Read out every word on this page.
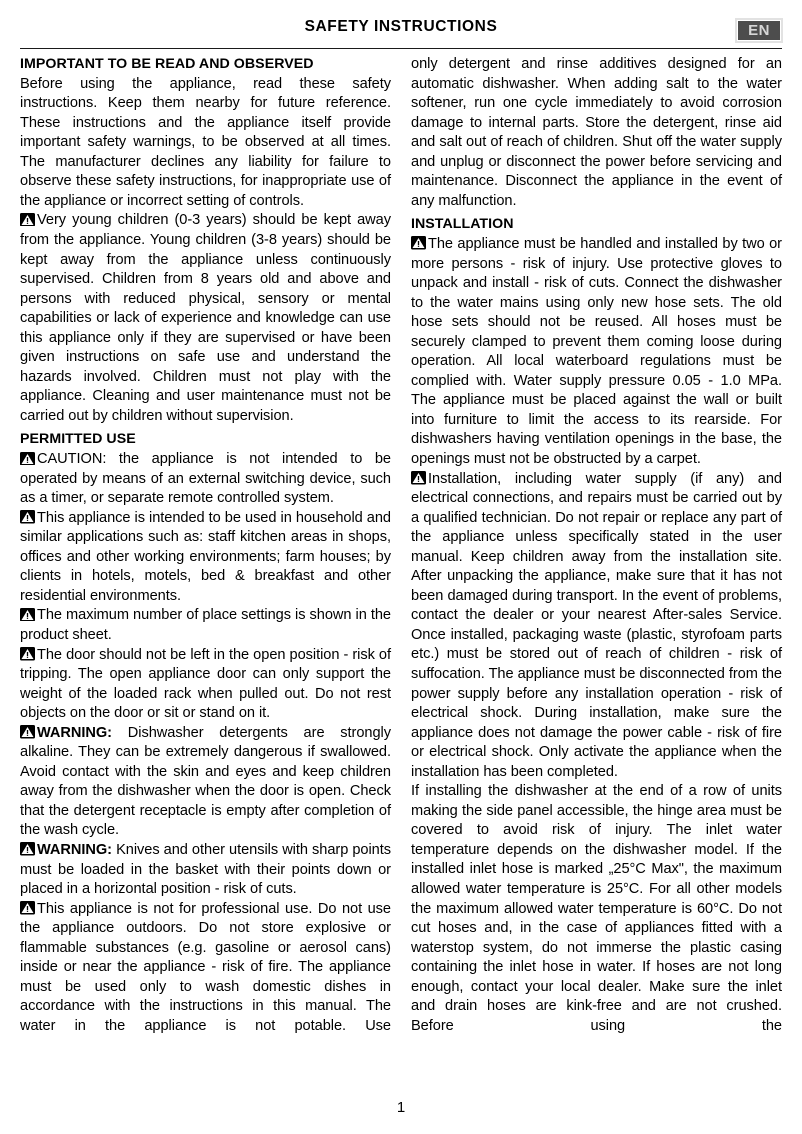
SAFETY INSTRUCTIONS	EN
IMPORTANT TO BE READ AND OBSERVED

Before using the appliance, read these safety instructions. Keep them nearby for future reference. These instructions and the appliance itself provide important safety warnings, to be observed at all times. The manufacturer declines any liability for failure to observe these safety instructions, for inappropriate use of the appliance or incorrect setting of controls.

Very young children (0-3 years) should be kept away from the appliance. Young children (3-8 years) should be kept away from the appliance unless continuously supervised. Children from 8 years old and above and persons with reduced physical, sensory or mental capabilities or lack of experience and knowledge can use this appliance only if they are supervised or have been given instructions on safe use and understand the hazards involved. Children must not play with the appliance. Cleaning and user maintenance must not be carried out by children without supervision.

PERMITTED USE

CAUTION: the appliance is not intended to be operated by means of an external switching device, such as a timer, or separate remote controlled system.

This appliance is intended to be used in household and similar applications such as: staff kitchen areas in shops, offices and other working environments; farm houses; by clients in hotels, motels, bed & breakfast and other residential environments.

The maximum number of place settings is shown in the product sheet.

The door should not be left in the open position - risk of tripping. The open appliance door can only support the weight of the loaded rack when pulled out. Do not rest objects on the door or sit or stand on it.

WARNING: Dishwasher detergents are strongly alkaline. They can be extremely dangerous if swallowed. Avoid contact with the skin and eyes and keep children away from the dishwasher when the door is open. Check that the detergent receptacle is empty after completion of the wash cycle.

WARNING: Knives and other utensils with sharp points must be loaded in the basket with their points down or placed in a horizontal position - risk of cuts.

This appliance is not for professional use. Do not use the appliance outdoors. Do not store explosive or flammable substances (e.g. gasoline or aerosol cans) inside or near the appliance - risk of fire. The appliance must be used only to wash domestic dishes in accordance with the instructions in this manual. The water in the appliance is not potable. Use

only detergent and rinse additives designed for an automatic dishwasher. When adding salt to the water softener, run one cycle immediately to avoid corrosion damage to internal parts. Store the detergent, rinse aid and salt out of reach of children. Shut off the water supply and unplug or disconnect the power before servicing and maintenance. Disconnect the appliance in the event of any malfunction.

INSTALLATION

The appliance must be handled and installed by two or more persons - risk of injury. Use protective gloves to unpack and install - risk of cuts. Connect the dishwasher to the water mains using only new hose sets. The old hose sets should not be reused. All hoses must be securely clamped to prevent them coming loose during operation. All local waterboard regulations must be complied with. Water supply pressure 0.05 - 1.0 MPa. The appliance must be placed against the wall or built into furniture to limit the access to its rearside. For dishwashers having ventilation openings in the base, the openings must not be obstructed by a carpet.

Installation, including water supply (if any) and electrical connections, and repairs must be carried out by a qualified technician. Do not repair or replace any part of the appliance unless specifically stated in the user manual. Keep children away from the installation site. After unpacking the appliance, make sure that it has not been damaged during transport. In the event of problems, contact the dealer or your nearest After-sales Service. Once installed, packaging waste (plastic, styrofoam parts etc.) must be stored out of reach of children - risk of suffocation. The appliance must be disconnected from the power supply before any installation operation - risk of electrical shock. During installation, make sure the appliance does not damage the power cable - risk of fire or electrical shock. Only activate the appliance when the installation has been completed.

If installing the dishwasher at the end of a row of units making the side panel accessible, the hinge area must be covered to avoid risk of injury. The inlet water temperature depends on the dishwasher model. If the installed inlet hose is marked „25°C Max", the maximum allowed water temperature is 25°C. For all other models the maximum allowed water temperature is 60°C. Do not cut hoses and, in the case of appliances fitted with a waterstop system, do not immerse the plastic casing containing the inlet hose in water. If hoses are not long enough, contact your local dealer. Make sure the inlet and drain hoses are kink-free and are not crushed. Before using the

1
